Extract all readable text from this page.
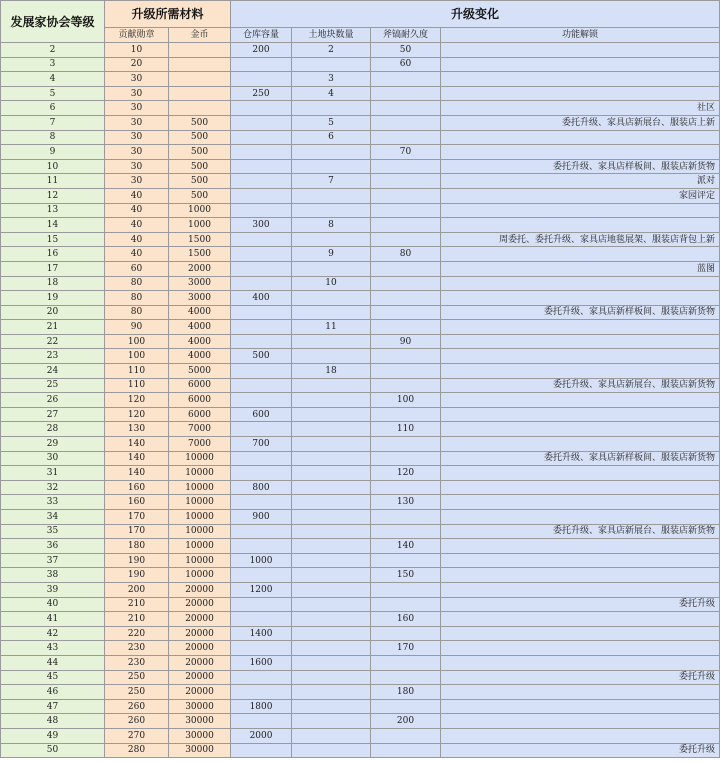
发展家协会等级	升级所需材料		升级变化			
	贡献勋章	金币	仓库容量	土地块数量	斧镐耐久度	功能解锁
2	10		200	2	50	
3	20				60	
4	30			3		
5	30		250	4		
6	30					社区
7	30	500		5		委托升级、家具店新展台、服装店上新
8	30	500		6		
9	30	500			70	
10	30	500				委托升级、家具店样板间、服装店新货物
11	30	500		7		派对
12	40	500				家园评定
13	40	1000				
14	40	1000	300	8		
15	40	1500				周委托、委托升级、家具店地毯展架、服装店背包上新
16	40	1500		9	80	
17	60	2000				蓝图
18	80	3000		10		
19	80	3000	400			
20	80	4000				委托升级、家具店新样板间、服装店新货物
21	90	4000		11		
22	100	4000			90	
23	100	4000	500			
24	110	5000		18		
25	110	6000				委托升级、家具店新展台、服装店新货物
26	120	6000			100	
27	120	6000	600			
28	130	7000			110	
29	140	7000	700			
30	140	10000				委托升级、家具店新样板间、服装店新货物
31	140	10000			120	
32	160	10000	800			
33	160	10000			130	
34	170	10000	900			
35	170	10000				委托升级、家具店新展台、服装店新货物
36	180	10000			140	
37	190	10000	1000			
38	190	10000			150	
39	200	20000	1200			
40	210	20000				委托升级
41	210	20000			160	
42	220	20000	1400			
43	230	20000			170	
44	230	20000	1600			
45	250	20000				委托升级
46	250	20000			180	
47	260	30000	1800			
48	260	30000			200	
49	270	30000	2000			
50	280	30000				委托升级
